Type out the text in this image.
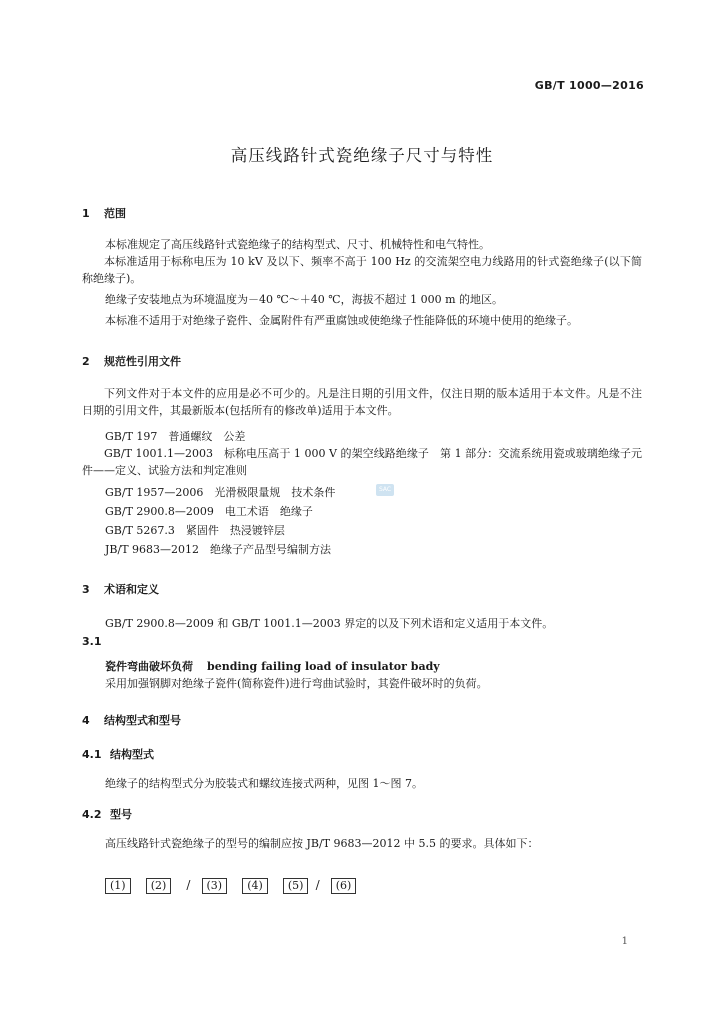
GB/T 1000—2016
高压线路针式瓷绝缘子尺寸与特性
1 范围
本标准规定了高压线路针式瓷绝缘子的结构型式、尺寸、机械特性和电气特性。
本标准适用于标称电压为 10 kV 及以下、频率不高于 100 Hz 的交流架空电力线路用的针式瓷绝缘子(以下简称绝缘子)。
绝缘子安装地点为环境温度为－40 ℃～＋40 ℃，海拔不超过 1 000 m 的地区。
本标准不适用于对绝缘子瓷件、金属附件有严重腐蚀或使绝缘子性能降低的环境中使用的绝缘子。
2 规范性引用文件
下列文件对于本文件的应用是必不可少的。凡是注日期的引用文件，仅注日期的版本适用于本文件。凡是不注日期的引用文件，其最新版本(包括所有的修改单)适用于本文件。
GB/T 197　普通螺纹　公差
GB/T 1001.1—2003　标称电压高于 1 000 V 的架空线路绝缘子　第 1 部分：交流系统用瓷或玻璃绝缘子元件——定义、试验方法和判定准则
GB/T 1957—2006　光滑极限量规　技术条件
GB/T 2900.8—2009　电工术语　绝缘子
GB/T 5267.3　紧固件　热浸镀锌层
JB/T 9683—2012　绝缘子产品型号编制方法
SAC
3 术语和定义
GB/T 2900.8—2009 和 GB/T 1001.1—2003 界定的以及下列术语和定义适用于本文件。
3.1
瓷件弯曲破坏负荷 bending failing load of insulator bady
采用加强钢脚对绝缘子瓷件(简称瓷件)进行弯曲试验时，其瓷件破坏时的负荷。
4 结构型式和型号
4.1 结构型式
绝缘子的结构型式分为胶装式和螺纹连接式两种，见图 1～图 7。
4.2 型号
高压线路针式瓷绝缘子的型号的编制应按 JB/T 9683—2012 中 5.5 的要求。具体如下：
(1) (2) / (3) (4) (5) / (6)
1
